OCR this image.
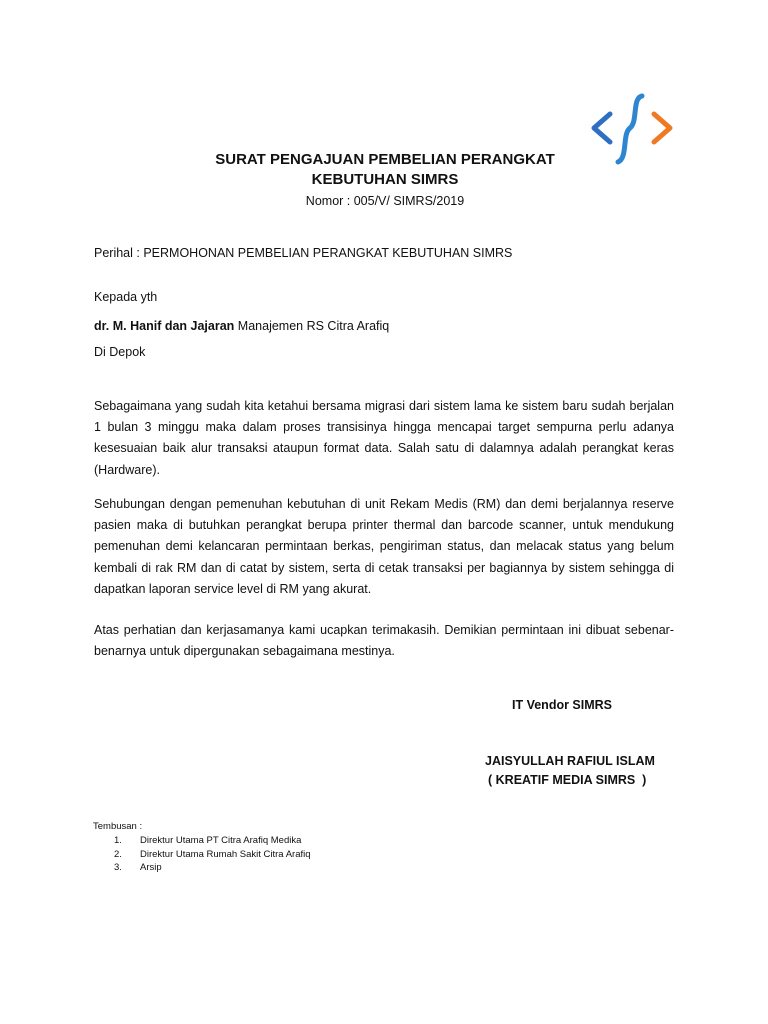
SURAT PENGAJUAN PEMBELIAN PERANGKAT
KEBUTUHAN SIMRS
Nomor : 005/V/ SIMRS/2019
Perihal : PERMOHONAN PEMBELIAN PERANGKAT KEBUTUHAN SIMRS
Kepada yth
dr. M. Hanif dan Jajaran Manajemen RS Citra Arafiq
Di Depok
Sebagaimana yang sudah kita ketahui bersama migrasi dari sistem lama ke sistem baru sudah berjalan 1 bulan 3 minggu maka dalam proses transisinya hingga mencapai target sempurna perlu adanya kesesuaian baik alur transaksi ataupun format data. Salah satu di dalamnya adalah perangkat keras (Hardware).
Sehubungan dengan pemenuhan kebutuhan di unit Rekam Medis (RM) dan demi berjalannya reserve pasien maka di butuhkan perangkat berupa printer thermal dan barcode scanner, untuk mendukung pemenuhan demi kelancaran permintaan berkas, pengiriman status, dan melacak status yang belum kembali di rak RM dan di catat by sistem, serta di cetak transaksi per bagiannya by sistem sehingga di dapatkan laporan service level di RM yang akurat.
Atas perhatian dan kerjasamanya kami ucapkan terimakasih. Demikian permintaan ini dibuat sebenar-benarnya untuk dipergunakan sebagaimana mestinya.
IT Vendor SIMRS
JAISYULLAH RAFIUL ISLAM
( KREATIF MEDIA SIMRS  )
Tembusan :
1.	Direktur Utama PT Citra Arafiq Medika
2.	Direktur Utama Rumah Sakit Citra Arafiq
3.	Arsip
